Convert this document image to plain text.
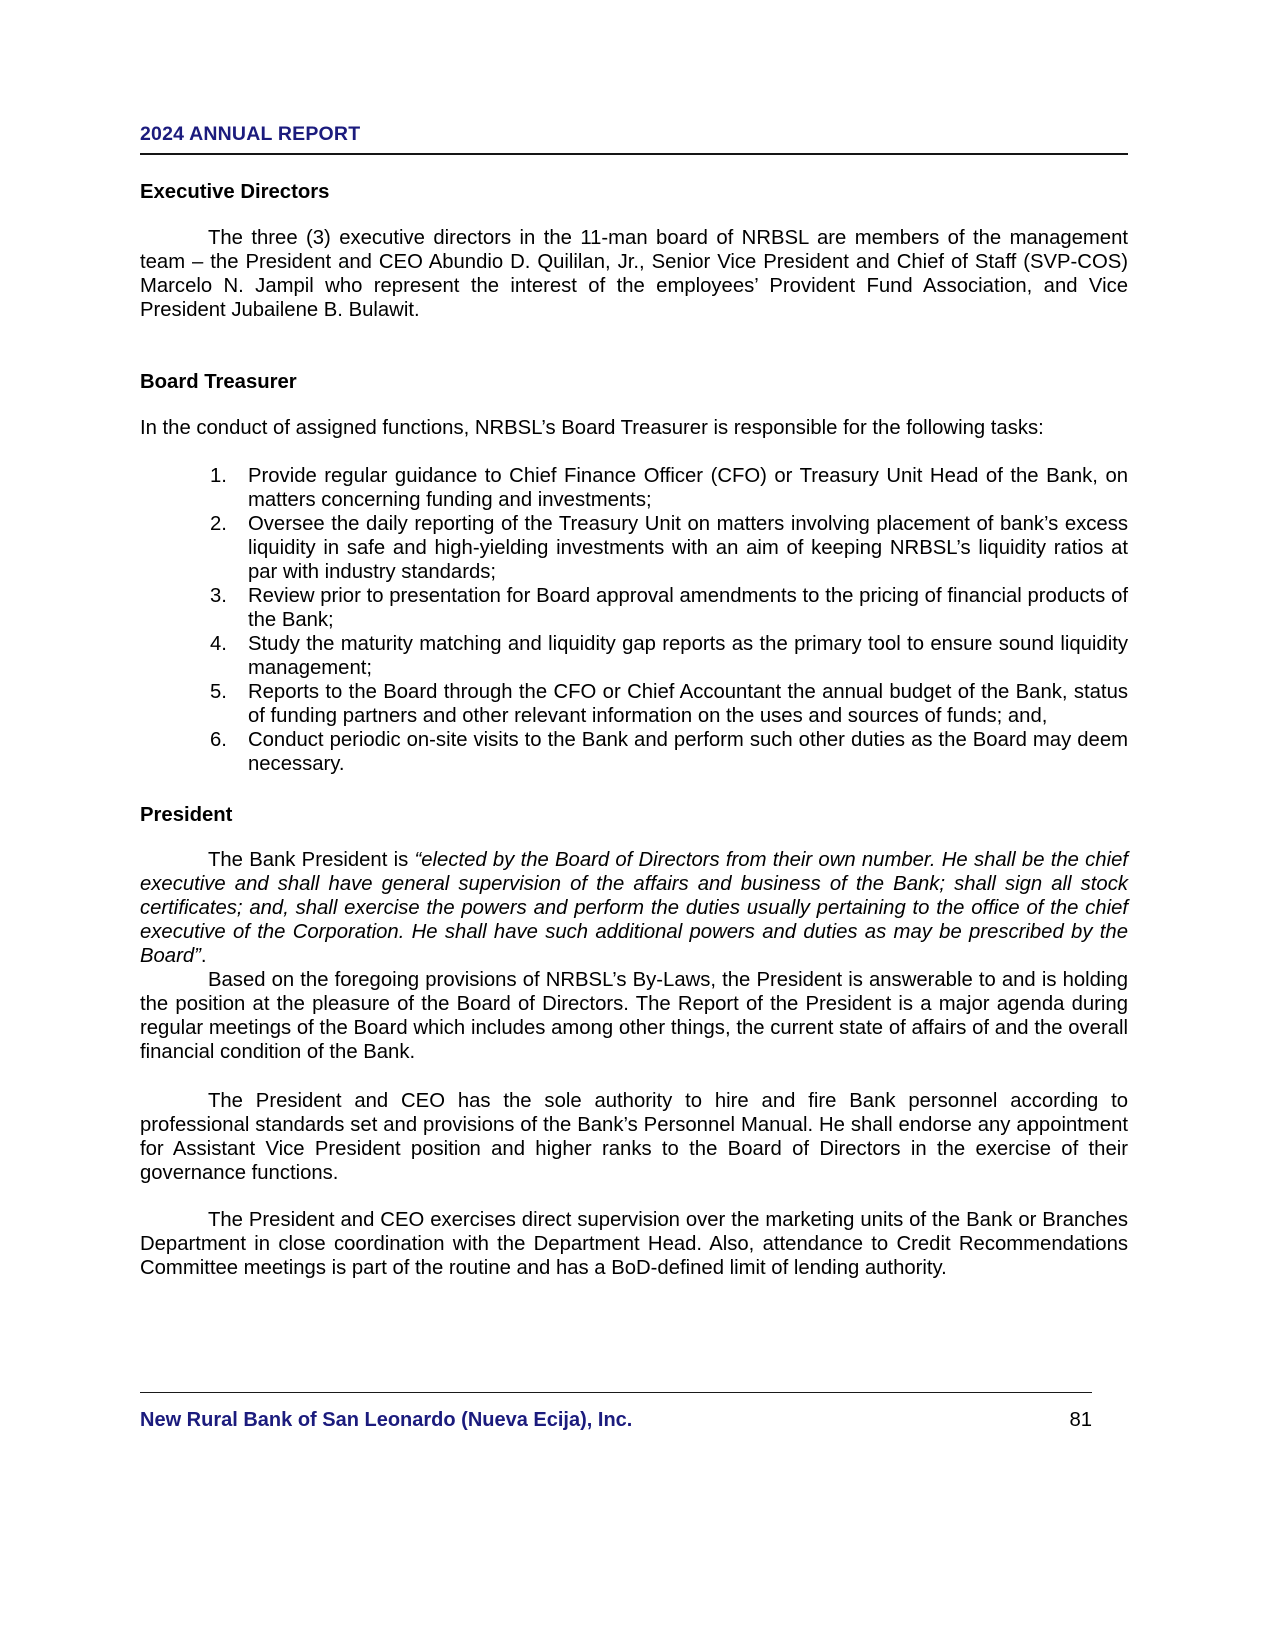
2024 ANNUAL REPORT
Executive Directors

The three (3) executive directors in the 11-man board of NRBSL are members of the management team – the President and CEO Abundio D. Quililan, Jr., Senior Vice President and Chief of Staff (SVP-COS) Marcelo N. Jampil who represent the interest of the employees’ Provident Fund Association, and Vice President Jubailene B. Bulawit.

Board Treasurer

In the conduct of assigned functions, NRBSL’s Board Treasurer is responsible for the following tasks:

Provide regular guidance to Chief Finance Officer (CFO) or Treasury Unit Head of the Bank, on matters concerning funding and investments;
Oversee the daily reporting of the Treasury Unit on matters involving placement of bank’s excess liquidity in safe and high-yielding investments with an aim of keeping NRBSL’s liquidity ratios at par with industry standards;
Review prior to presentation for Board approval amendments to the pricing of financial products of the Bank;
Study the maturity matching and liquidity gap reports as the primary tool to ensure sound liquidity management;
Reports to the Board through the CFO or Chief Accountant the annual budget of the Bank, status of funding partners and other relevant information on the uses and sources of funds; and,
Conduct periodic on-site visits to the Bank and perform such other duties as the Board may deem necessary.
President

The Bank President is “elected by the Board of Directors from their own number. He shall be the chief executive and shall have general supervision of the affairs and business of the Bank; shall sign all stock certificates; and, shall exercise the powers and perform the duties usually pertaining to the office of the chief executive of the Corporation. He shall have such additional powers and duties as may be prescribed by the Board”.

Based on the foregoing provisions of NRBSL’s By-Laws, the President is answerable to and is holding the position at the pleasure of the Board of Directors. The Report of the President is a major agenda during regular meetings of the Board which includes among other things, the current state of affairs of and the overall financial condition of the Bank.

The President and CEO has the sole authority to hire and fire Bank personnel according to professional standards set and provisions of the Bank’s Personnel Manual. He shall endorse any appointment for Assistant Vice President position and higher ranks to the Board of Directors in the exercise of their governance functions.

The President and CEO exercises direct supervision over the marketing units of the Bank or Branches Department in close coordination with the Department Head. Also, attendance to Credit Recommendations Committee meetings is part of the routine and has a BoD-defined limit of lending authority.

New Rural Bank of San Leonardo (Nueva Ecija), Inc.	81
